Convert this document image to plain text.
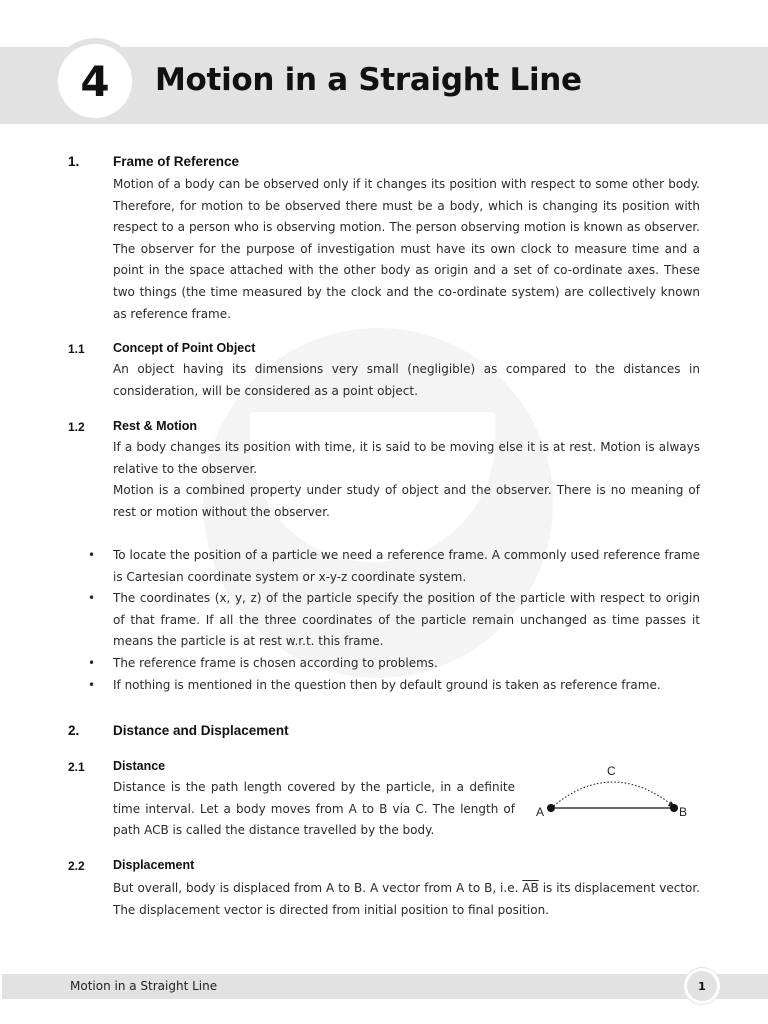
4	Motion in a Straight Line
1. Frame of Reference

Motion of a body can be observed only if it changes its position with respect to some other body. Therefore, for motion to be observed there must be a body, which is changing its position with respect to a person who is observing motion. The person observing motion is known as observer. The observer for the purpose of investigation must have its own clock to measure time and a point in the space attached with the other body as origin and a set of co-ordinate axes. These two things (the time measured by the clock and the co-ordinate system) are collectively known as reference frame.

1.1 Concept of Point Object

An object having its dimensions very small (negligible) as compared to the distances in consideration, will be considered as a point object.

1.2 Rest & Motion

If a body changes its position with time, it is said to be moving else it is at rest. Motion is always relative to the observer.

Motion is a combined property under study of object and the observer. There is no meaning of rest or motion without the observer.

• To locate the position of a particle we need a reference frame. A commonly used reference frame is Cartesian coordinate system or x-y-z coordinate system.
• The coordinates (x, y, z) of the particle specify the position of the particle with respect to origin of that frame. If all the three coordinates of the particle remain unchanged as time passes it means the particle is at rest w.r.t. this frame.
• The reference frame is chosen according to problems.
• If nothing is mentioned in the question then by default ground is taken as reference frame.
2. Distance and Displacement
2.1 Distance

Distance is the path length covered by the particle, in a definite time interval. Let a body moves from A to B via C. The length of path ACB is called the distance travelled by the body.

A	B
C
2.2 Displacement

But overall, body is displaced from A to B. A vector from A to B, i.e. $\overline{AB}$ is its displacement vector. The displacement vector is directed from initial position to final position.

Motion in a Straight Line	1
